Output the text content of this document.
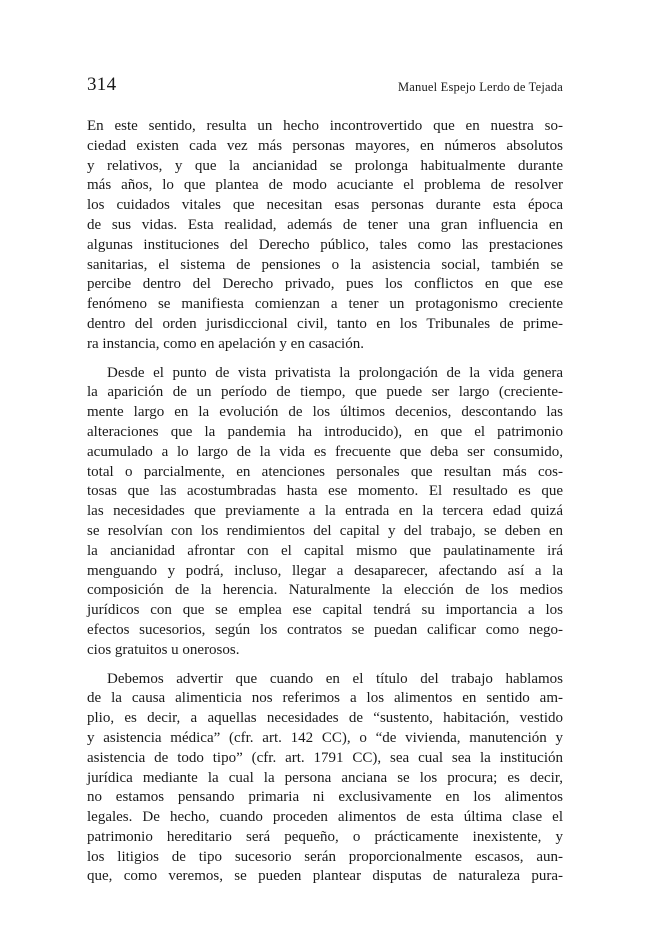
314	Manuel Espejo Lerdo de Tejada
En este sentido, resulta un hecho incontrovertido que en nuestra so-
ciedad existen cada vez más personas mayores, en números absolutos
y relativos, y que la ancianidad se prolonga habitualmente durante
más años, lo que plantea de modo acuciante el problema de resolver
los cuidados vitales que necesitan esas personas durante esta época
de sus vidas. Esta realidad, además de tener una gran influencia en
algunas instituciones del Derecho público, tales como las prestaciones
sanitarias, el sistema de pensiones o la asistencia social, también se
percibe dentro del Derecho privado, pues los conflictos en que ese
fenómeno se manifiesta comienzan a tener un protagonismo creciente
dentro del orden jurisdiccional civil, tanto en los Tribunales de prime-
ra instancia, como en apelación y en casación.
Desde el punto de vista privatista la prolongación de la vida genera
la aparición de un período de tiempo, que puede ser largo (creciente-
mente largo en la evolución de los últimos decenios, descontando las
alteraciones que la pandemia ha introducido), en que el patrimonio
acumulado a lo largo de la vida es frecuente que deba ser consumido,
total o parcialmente, en atenciones personales que resultan más cos-
tosas que las acostumbradas hasta ese momento. El resultado es que
las necesidades que previamente a la entrada en la tercera edad quizá
se resolvían con los rendimientos del capital y del trabajo, se deben en
la ancianidad afrontar con el capital mismo que paulatinamente irá
menguando y podrá, incluso, llegar a desaparecer, afectando así a la
composición de la herencia. Naturalmente la elección de los medios
jurídicos con que se emplea ese capital tendrá su importancia a los
efectos sucesorios, según los contratos se puedan calificar como nego-
cios gratuitos u onerosos.
Debemos advertir que cuando en el título del trabajo hablamos
de la causa alimenticia nos referimos a los alimentos en sentido am-
plio, es decir, a aquellas necesidades de “sustento, habitación, vestido
y asistencia médica” (cfr. art. 142 CC), o “de vivienda, manutención y
asistencia de todo tipo” (cfr. art. 1791 CC), sea cual sea la institución
jurídica mediante la cual la persona anciana se los procura; es decir,
no estamos pensando primaria ni exclusivamente en los alimentos
legales. De hecho, cuando proceden alimentos de esta última clase el
patrimonio hereditario será pequeño, o prácticamente inexistente, y
los litigios de tipo sucesorio serán proporcionalmente escasos, aun-
que, como veremos, se pueden plantear disputas de naturaleza pura-
